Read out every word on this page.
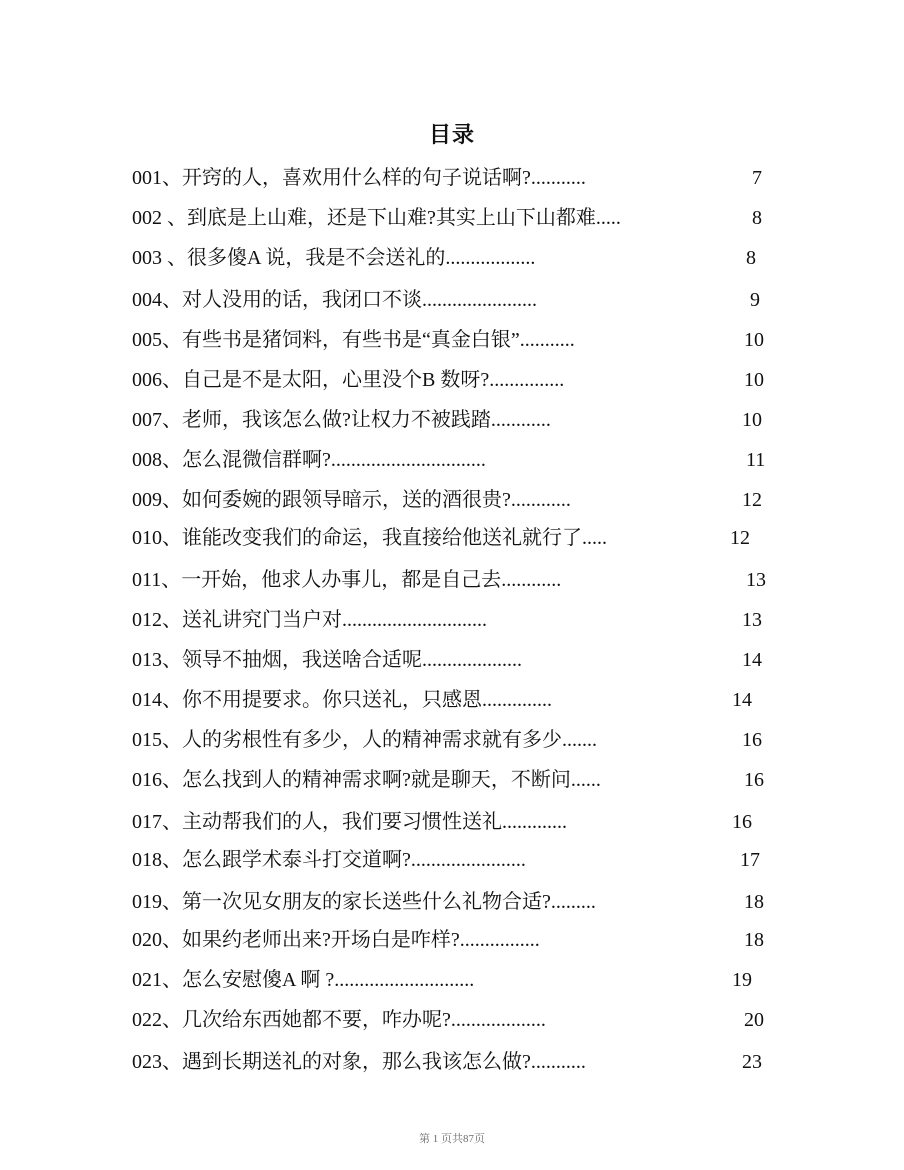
目录
001、开窍的人，喜欢用什么样的句子说话啊?...........	7
002 、到底是上山难，还是下山难?其实上山下山都难.....	8
003 、很多傻A 说，我是不会送礼的..................	8
004、对人没用的话，我闭口不谈.......................	9
005、有些书是猪饲料，有些书是“真金白银”...........	10
006、自己是不是太阳，心里没个B 数呀?...............	10
007、老师，我该怎么做?让权力不被践踏............	10
008、怎么混微信群啊?...............................	11
009、如何委婉的跟领导暗示，送的酒很贵?............	12
010、谁能改变我们的命运，我直接给他送礼就行了.....	12
011、一开始，他求人办事儿，都是自己去............	13
012、送礼讲究门当户对.............................	13
013、领导不抽烟，我送啥合适呢....................	14
014、你不用提要求。你只送礼，只感恩..............	14
015、人的劣根性有多少，人的精神需求就有多少.......	16
016、怎么找到人的精神需求啊?就是聊天，不断问......	16
017、主动帮我们的人，我们要习惯性送礼.............	16
018、怎么跟学术泰斗打交道啊?.......................	17
019、第一次见女朋友的家长送些什么礼物合适?.........	18
020、如果约老师出来?开场白是咋样?................	18
021、怎么安慰傻A 啊 ?............................	19
022、几次给东西她都不要，咋办呢?...................	20
023、遇到长期送礼的对象，那么我该怎么做?...........	23
第 1 页共87页
